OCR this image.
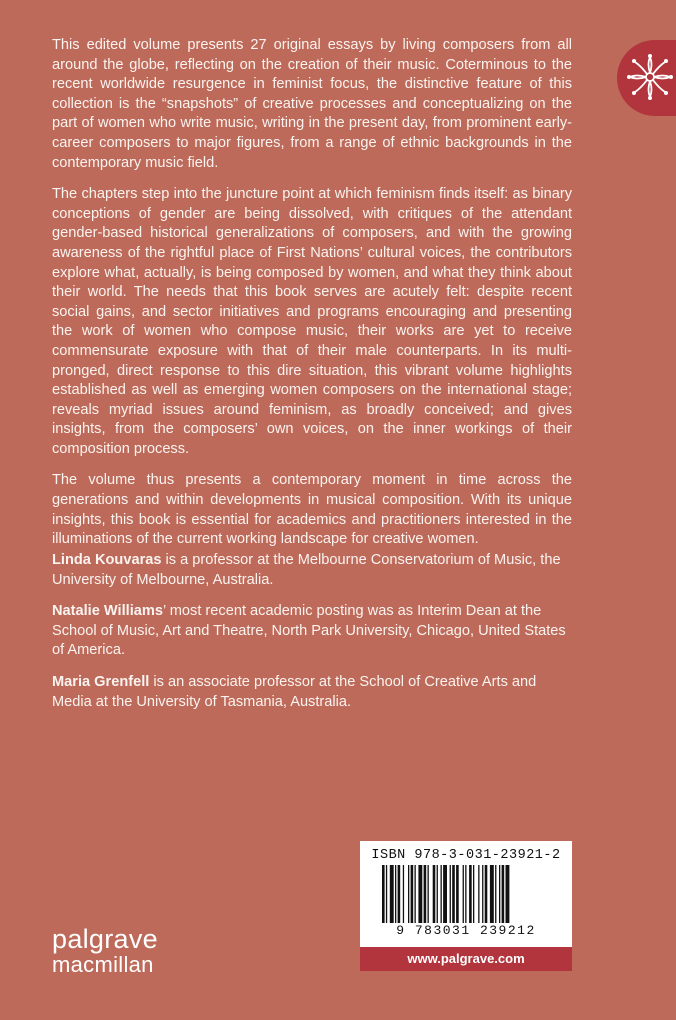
This edited volume presents 27 original essays by living composers from all around the globe, reflecting on the creation of their music. Coterminous to the recent worldwide resurgence in feminist focus, the distinctive feature of this collection is the “snapshots” of creative processes and conceptualizing on the part of women who write music, writing in the present day, from prominent early-career composers to major figures, from a range of ethnic backgrounds in the contemporary music field.

The chapters step into the juncture point at which feminism finds itself: as binary conceptions of gender are being dissolved, with critiques of the attendant gender-based historical generalizations of composers, and with the growing awareness of the rightful place of First Nations’ cultural voices, the contributors explore what, actually, is being composed by women, and what they think about their world. The needs that this book serves are acutely felt: despite recent social gains, and sector initiatives and programs encouraging and presenting the work of women who compose music, their works are yet to receive commensurate exposure with that of their male counterparts. In its multi-pronged, direct response to this dire situation, this vibrant volume highlights established as well as emerging women composers on the international stage; reveals myriad issues around feminism, as broadly conceived; and gives insights, from the composers’ own voices, on the inner workings of their composition process.

The volume thus presents a contemporary moment in time across the generations and within developments in musical composition. With its unique insights, this book is essential for academics and practitioners interested in the illuminations of the current working landscape for creative women.

Linda Kouvaras is a professor at the Melbourne Conservatorium of Music, the University of Melbourne, Australia.

Natalie Williams’ most recent academic posting was as Interim Dean at the School of Music, Art and Theatre, North Park University, Chicago, United States of America.

Maria Grenfell is an associate professor at the School of Creative Arts and Media at the University of Tasmania, Australia.

palgrave
macmillan
ISBN 978-3-031-23921-2
9 783031 239212
www.palgrave.com
